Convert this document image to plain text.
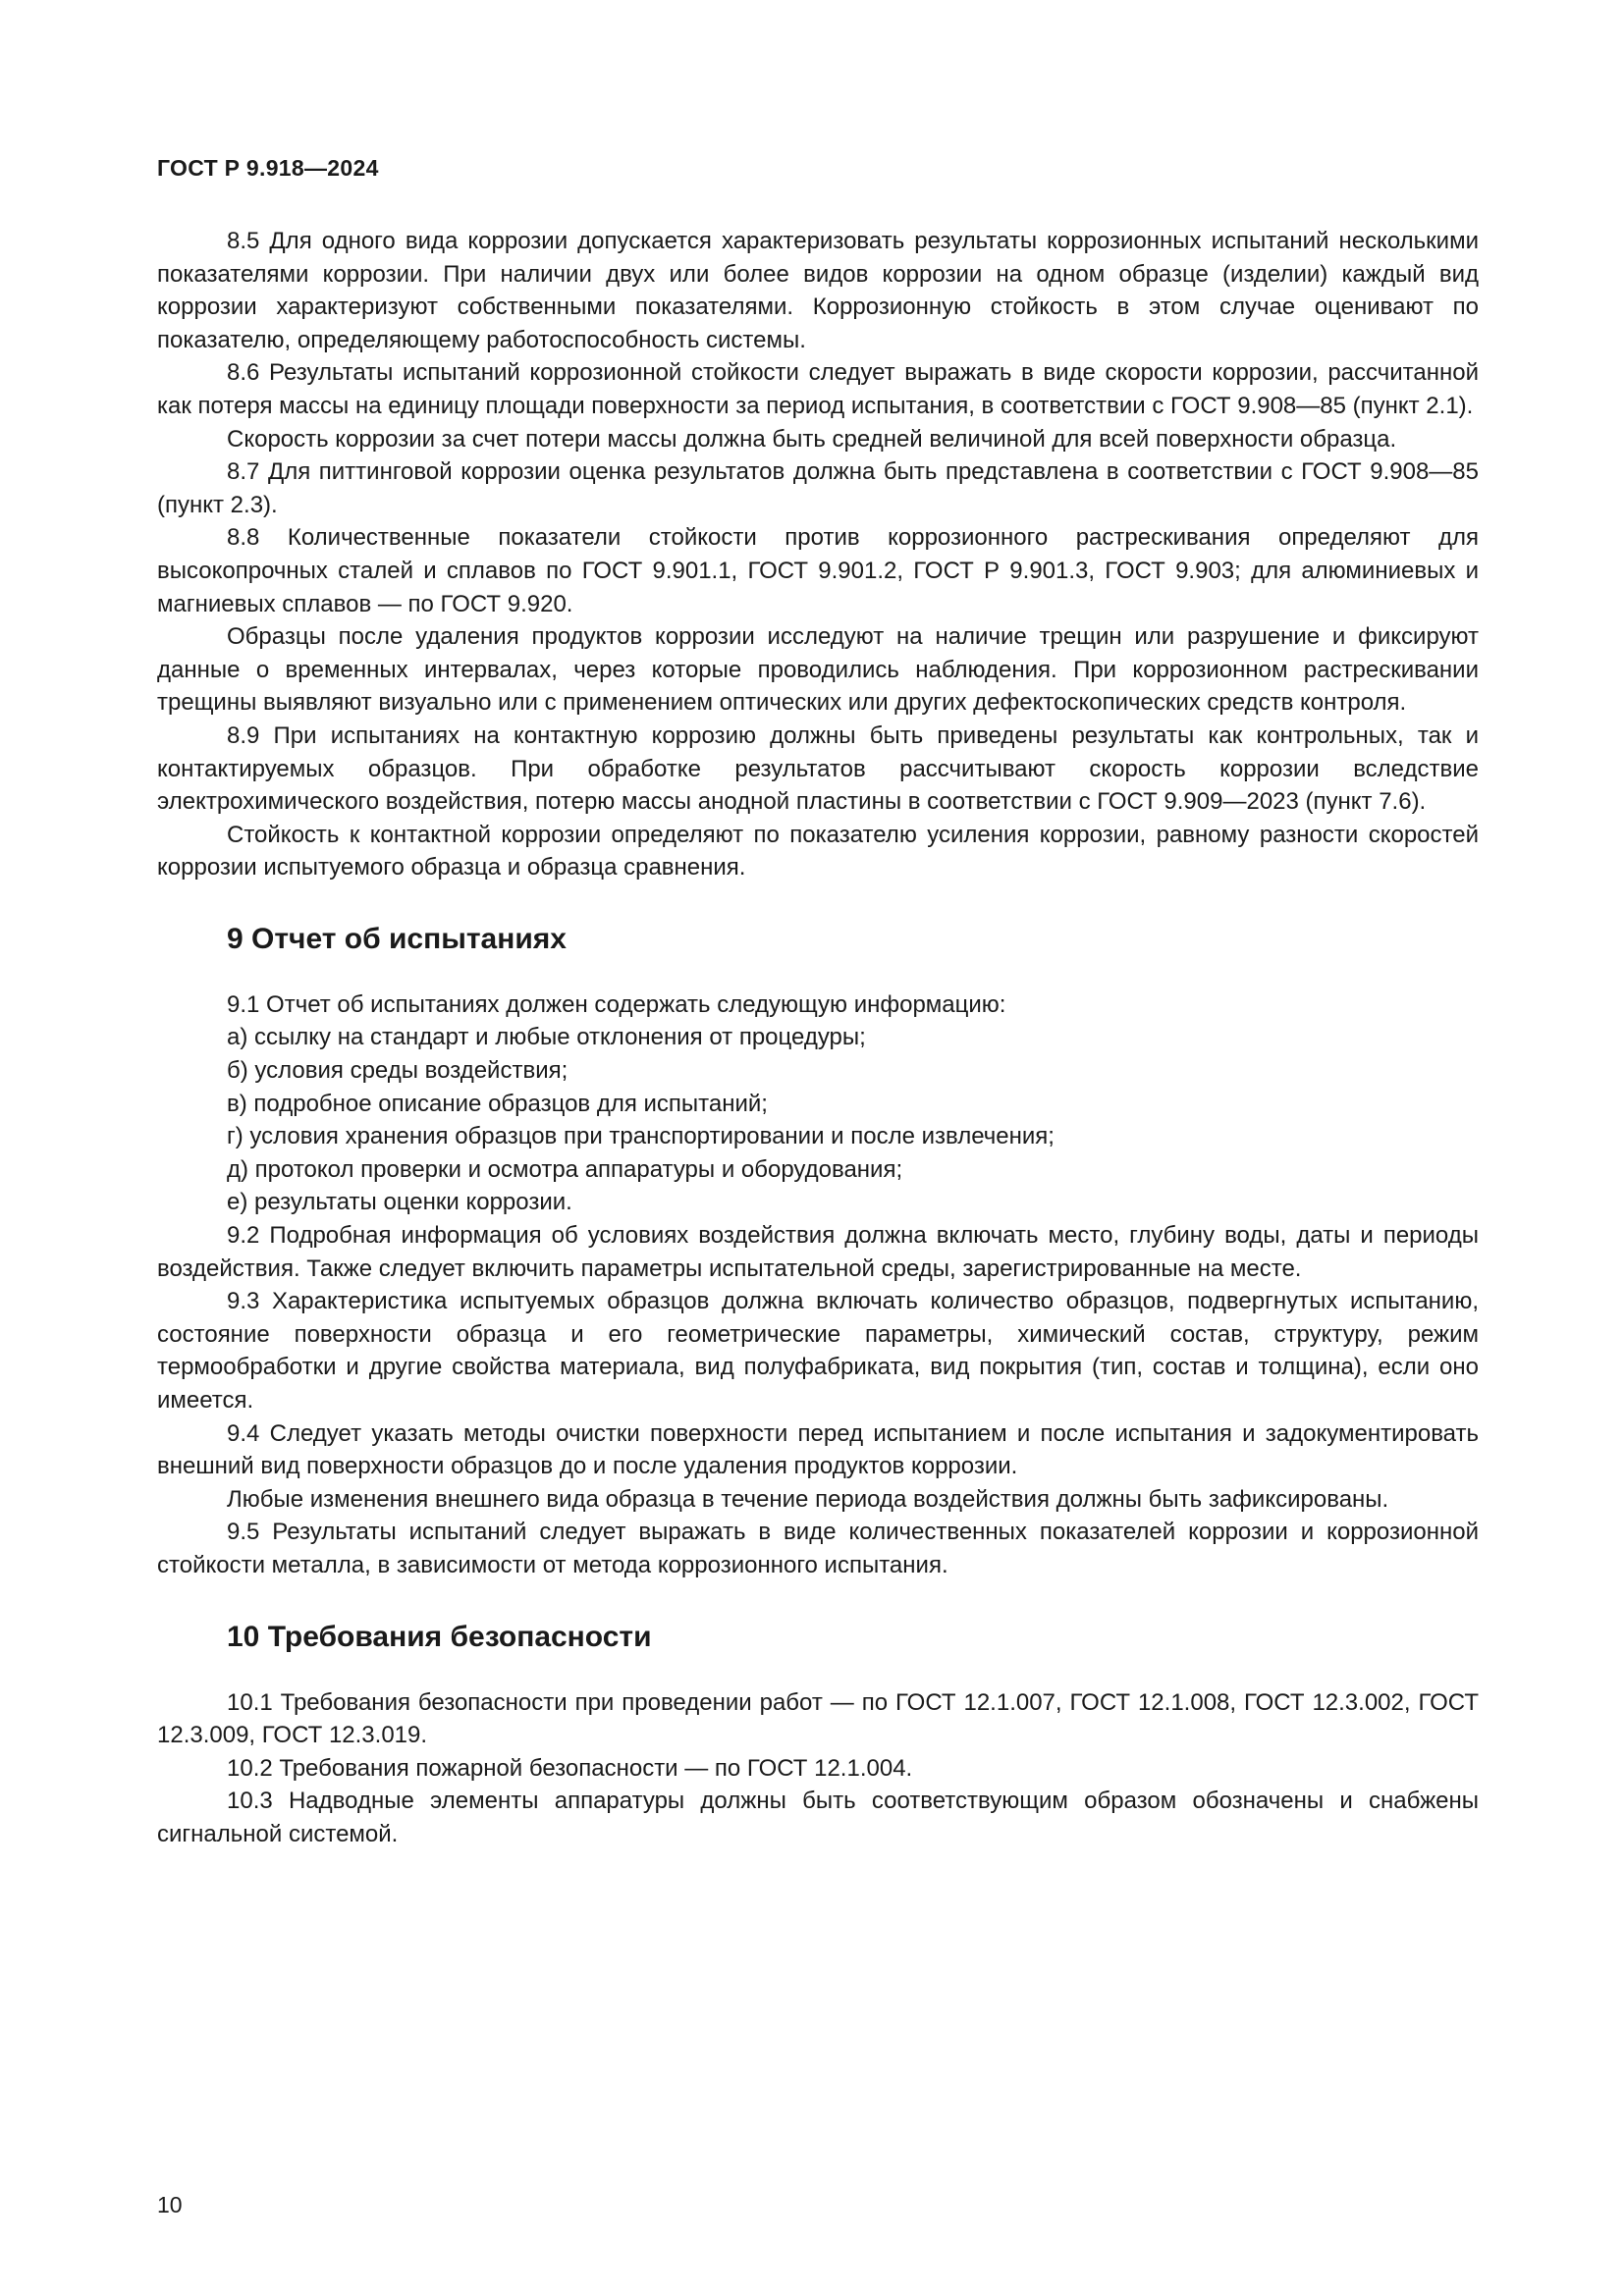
ГОСТ Р 9.918—2024

8.5 Для одного вида коррозии допускается характеризовать результаты коррозионных испытаний несколькими показателями коррозии. При наличии двух или более видов коррозии на одном образце (изделии) каждый вид коррозии характеризуют собственными показателями. Коррозионную стойкость в этом случае оценивают по показателю, определяющему работоспособность системы.

8.6 Результаты испытаний коррозионной стойкости следует выражать в виде скорости коррозии, рассчитанной как потеря массы на единицу площади поверхности за период испытания, в соответствии с ГОСТ 9.908—85 (пункт 2.1).

Скорость коррозии за счет потери массы должна быть средней величиной для всей поверхности образца.

8.7 Для питтинговой коррозии оценка результатов должна быть представлена в соответствии с ГОСТ 9.908—85 (пункт 2.3).

8.8 Количественные показатели стойкости против коррозионного растрескивания определяют для высокопрочных сталей и сплавов по ГОСТ 9.901.1, ГОСТ 9.901.2, ГОСТ Р 9.901.3, ГОСТ 9.903; для алюминиевых и магниевых сплавов — по ГОСТ 9.920.

Образцы после удаления продуктов коррозии исследуют на наличие трещин или разрушение и фиксируют данные о временных интервалах, через которые проводились наблюдения. При коррозионном растрескивании трещины выявляют визуально или с применением оптических или других дефектоскопических средств контроля.

8.9 При испытаниях на контактную коррозию должны быть приведены результаты как контрольных, так и контактируемых образцов. При обработке результатов рассчитывают скорость коррозии вследствие электрохимического воздействия, потерю массы анодной пластины в соответствии с ГОСТ 9.909—2023 (пункт 7.6).

Стойкость к контактной коррозии определяют по показателю усиления коррозии, равному разности скоростей коррозии испытуемого образца и образца сравнения.

9 Отчет об испытаниях

9.1 Отчет об испытаниях должен содержать следующую информацию:

а) ссылку на стандарт и любые отклонения от процедуры;

б) условия среды воздействия;

в) подробное описание образцов для испытаний;

г) условия хранения образцов при транспортировании и после извлечения;

д) протокол проверки и осмотра аппаратуры и оборудования;

е) результаты оценки коррозии.

9.2 Подробная информация об условиях воздействия должна включать место, глубину воды, даты и периоды воздействия. Также следует включить параметры испытательной среды, зарегистрированные на месте.

9.3 Характеристика испытуемых образцов должна включать количество образцов, подвергнутых испытанию, состояние поверхности образца и его геометрические параметры, химический состав, структуру, режим термообработки и другие свойства материала, вид полуфабриката, вид покрытия (тип, состав и толщина), если оно имеется.

9.4 Следует указать методы очистки поверхности перед испытанием и после испытания и задокументировать внешний вид поверхности образцов до и после удаления продуктов коррозии.

Любые изменения внешнего вида образца в течение периода воздействия должны быть зафиксированы.

9.5 Результаты испытаний следует выражать в виде количественных показателей коррозии и коррозионной стойкости металла, в зависимости от метода коррозионного испытания.

10 Требования безопасности

10.1 Требования безопасности при проведении работ — по ГОСТ 12.1.007, ГОСТ 12.1.008, ГОСТ 12.3.002, ГОСТ 12.3.009, ГОСТ 12.3.019.

10.2 Требования пожарной безопасности — по ГОСТ 12.1.004.

10.3 Надводные элементы аппаратуры должны быть соответствующим образом обозначены и снабжены сигнальной системой.

10
